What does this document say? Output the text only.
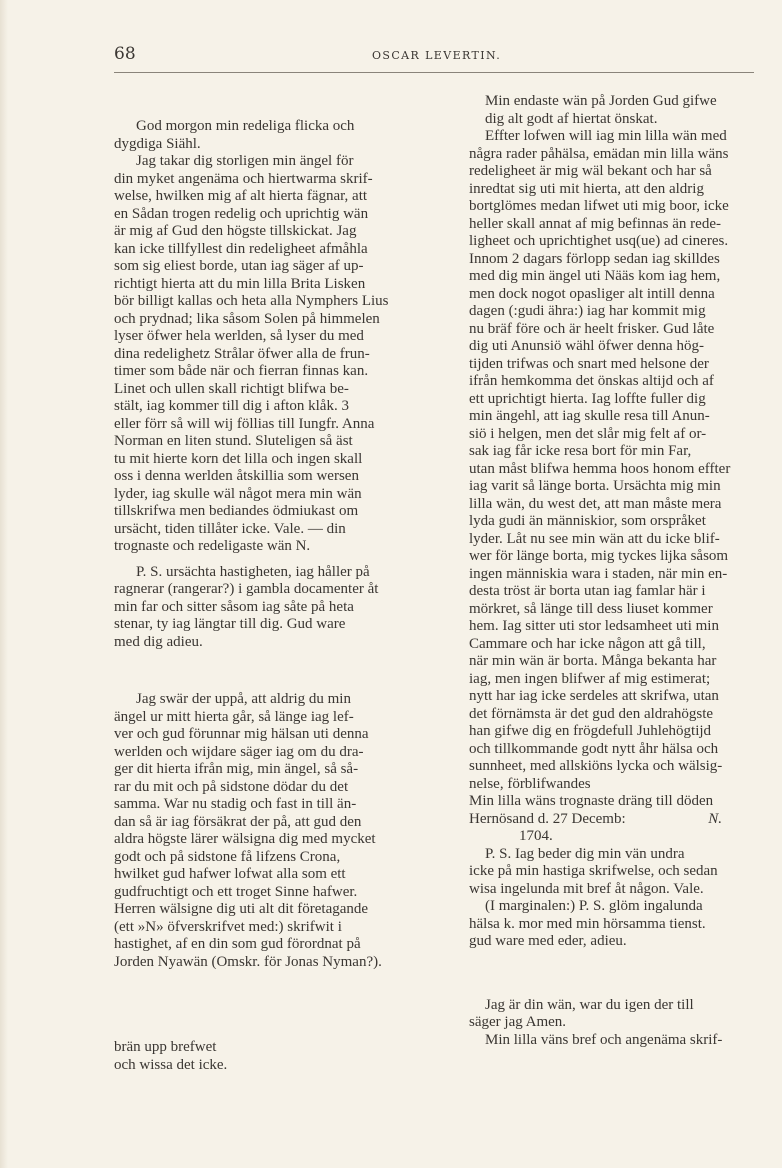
68	OSCAR LEVERTIN.
God morgon min redeliga flicka och
dygdiga Siähl.
Jag takar dig storligen min ängel för
din myket angenäma och hiertwarma skrif-
welse, hwilken mig af alt hierta fägnar, att
en Sådan trogen redelig och uprichtig wän
är mig af Gud den högste tillskickat. Jag
kan icke tillfyllest din redeligheet afmåhla
som sig eliest borde, utan iag säger af up-
richtigt hierta att du min lilla Brita Lisken
bör billigt kallas och heta alla Nymphers Lius
och prydnad; lika såsom Solen på himmelen
lyser öfwer hela werlden, så lyser du med
dina redelighetz Strålar öfwer alla de frun-
timer som både när och fierran finnas kan.
Linet och ullen skall richtigt blifwa be-
stält, iag kommer till dig i afton klåk. 3
eller förr så will wij föllias till Iungfr. Anna
Norman en liten stund. Sluteligen så äst
tu mit hierte korn det lilla och ingen skall
oss i denna werlden åtskillia som wersen
lyder, iag skulle wäl något mera min wän
tillskrifwa men bediandes ödmiukast om
ursächt, tiden tillåter icke. Vale. — din
trognaste och redeligaste wän N.
P. S. ursächta hastigheten, iag håller på
ragnerar (rangerar?) i gambla docamenter åt
min far och sitter såsom iag såte på heta
stenar, ty iag längtar till dig. Gud ware
med dig adieu.
Jag swär der uppå, att aldrig du min
ängel ur mitt hierta går, så länge iag lef-
ver och gud förunnar mig hälsan uti denna
werlden och wijdare säger iag om du dra-
ger dit hierta ifrån mig, min ängel, så så-
rar du mit och på sidstone dödar du det
samma. War nu stadig och fast in till än-
dan så är iag försäkrat der på, att gud den
aldra högste lärer wälsigna dig med mycket
godt och på sidstone få lifzens Crona,
hwilket gud hafwer lofwat alla som ett
gudfruchtigt och ett troget Sinne hafwer.
Herren wälsigne dig uti alt dit företagande
(ett »N» öfverskrifvet med:) skrifwit i
hastighet, af en din som gud förordnat på
Jorden Nyawän (Omskr. för Jonas Nyman?).
brän upp brefwet
och wissa det icke.
Min endaste wän på Jorden Gud gifwe
dig alt godt af hiertat önskat.
Effter lofwen will iag min lilla wän med
några rader påhälsa, emädan min lilla wäns
redeligheet är mig wäl bekant och har så
inredtat sig uti mit hierta, att den aldrig
bortglömes medan lifwet uti mig boor, icke
heller skall annat af mig befinnas än rede-
ligheet och uprichtighet usq(ue) ad cineres.
Innom 2 dagars förlopp sedan iag skilldes
med dig min ängel uti Nääs kom iag hem,
men dock nogot opasliger alt intill denna
dagen (:gudi ähra:) iag har kommit mig
nu bräf före och är heelt frisker. Gud låte
dig uti Anunsiö wähl öfwer denna hög-
tijden trifwas och snart med helsone der
ifrån hemkomma det önskas altijd och af
ett uprichtigt hierta. Iag loffte fuller dig
min ängehl, att iag skulle resa till Anun-
siö i helgen, men det slår mig felt af or-
sak iag får icke resa bort för min Far,
utan måst blifwa hemma hoos honom effter
iag varit så länge borta. Ursächta mig min
lilla wän, du west det, att man måste mera
lyda gudi än människior, som orspråket
lyder. Låt nu see min wän att du icke blif-
wer för länge borta, mig tyckes lijka såsom
ingen människia wara i staden, när min en-
desta tröst är borta utan iag famlar här i
mörkret, så länge till dess liuset kommer
hem. Iag sitter uti stor ledsamheet uti min
Cammare och har icke någon att gå till,
när min wän är borta. Många bekanta har
iag, men ingen blifwer af mig estimerat;
nytt har iag icke serdeles att skrifwa, utan
det förnämsta är det gud den aldrahögste
han gifwe dig en frögdefull Juhlehögtijd
och tillkommande godt nytt åhr hälsa och
sunnheet, med allskiöns lycka och wälsig-
nelse, förblifwandes
Min lilla wäns trognaste dräng till döden
Hernösand d. 27 Decemb:	N.
1704.
P. S. Iag beder dig min vän undra
icke på min hastiga skrifwelse, och sedan
wisa ingelunda mit bref åt någon. Vale.
(I marginalen:) P. S. glöm ingalunda
hälsa k. mor med min hörsamma tienst.
gud ware med eder, adieu.
Jag är din wän, war du igen der till
säger jag Amen.
Min lilla väns bref och angenäma skrif-
